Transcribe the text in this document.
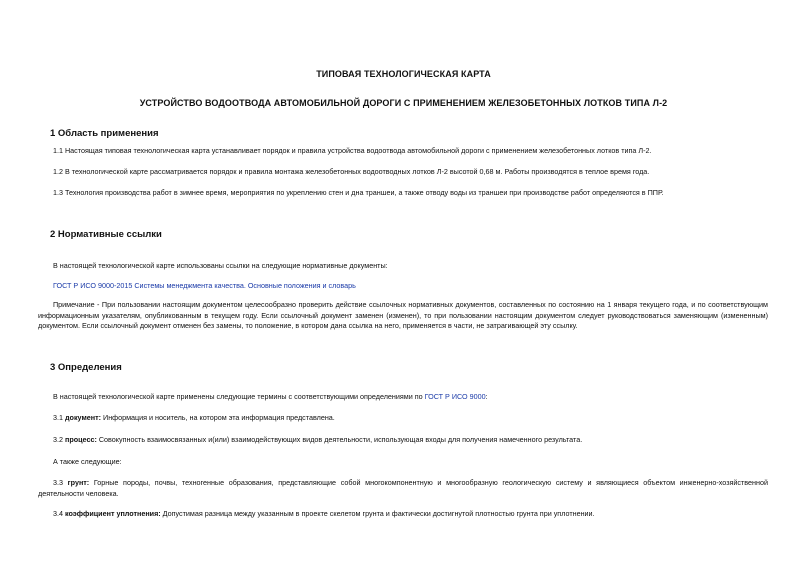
ТИПОВАЯ ТЕХНОЛОГИЧЕСКАЯ КАРТА
УСТРОЙСТВО ВОДООТВОДА АВТОМОБИЛЬНОЙ ДОРОГИ С ПРИМЕНЕНИЕМ ЖЕЛЕЗОБЕТОННЫХ ЛОТКОВ ТИПА Л-2
1 Область применения
1.1 Настоящая типовая технологическая карта устанавливает порядок и правила устройства водоотвода автомобильной дороги с применением железобетонных лотков типа Л-2.
1.2 В технологической карте рассматривается порядок и правила монтажа железобетонных водоотводных лотков Л-2 высотой 0,68 м. Работы производятся в теплое время года.
1.3 Технология производства работ в зимнее время, мероприятия по укреплению стен и дна траншеи, а также отводу воды из траншеи при производстве работ определяются в ППР.
2 Нормативные ссылки
В настоящей технологической карте использованы ссылки на следующие нормативные документы:
ГОСТ Р ИСО 9000-2015 Системы менеджмента качества. Основные положения и словарь
Примечание - При пользовании настоящим документом целесообразно проверить действие ссылочных нормативных документов, составленных по состоянию на 1 января текущего года, и по соответствующим информационным указателям, опубликованным в текущем году. Если ссылочный документ заменен (изменен), то при пользовании настоящим документом следует руководствоваться заменяющим (измененным) документом. Если ссылочный документ отменен без замены, то положение, в котором дана ссылка на него, применяется в части, не затрагивающей эту ссылку.
3 Определения
В настоящей технологической карте применены следующие термины с соответствующими определениями по ГОСТ Р ИСО 9000:
3.1 документ: Информация и носитель, на котором эта информация представлена.
3.2 процесс: Совокупность взаимосвязанных и(или) взаимодействующих видов деятельности, использующая входы для получения намеченного результата.
А также следующие:
3.3 грунт: Горные породы, почвы, техногенные образования, представляющие собой многокомпонентную и многообразную геологическую систему и являющиеся объектом инженерно-хозяйственной деятельности человека.
3.4 коэффициент уплотнения: Допустимая разница между указанным в проекте скелетом грунта и фактически достигнутой плотностью грунта при уплотнении.
